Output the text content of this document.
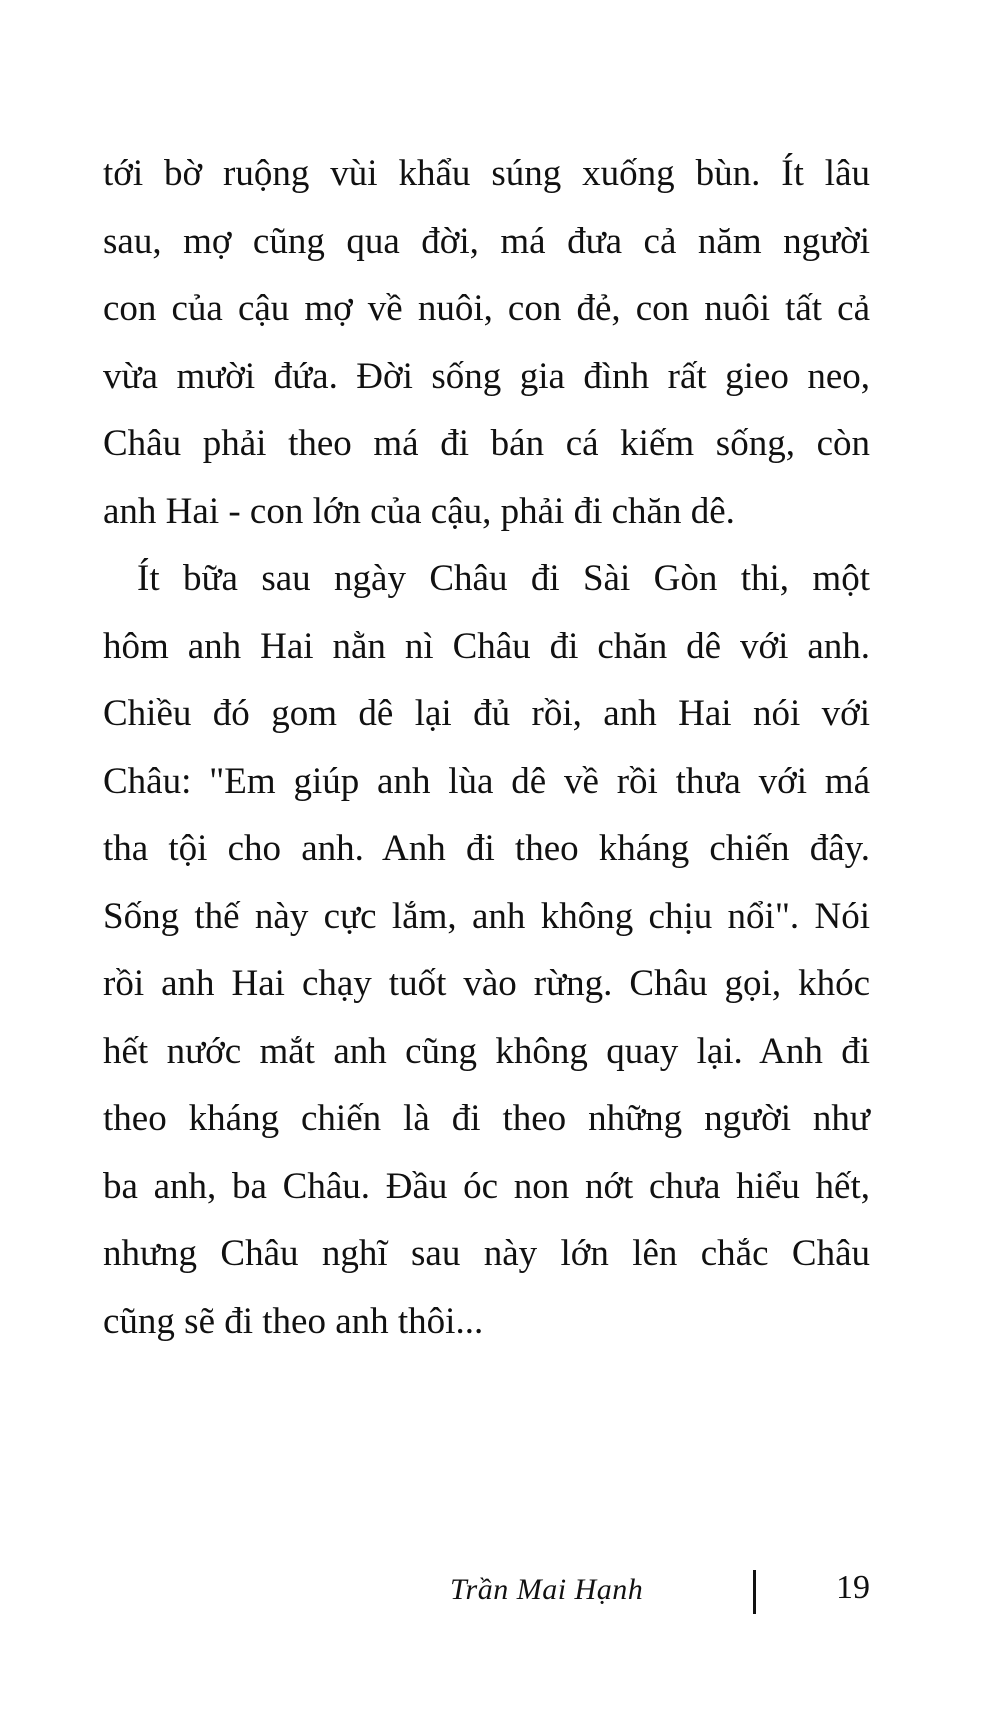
tới bờ ruộng vùi khẩu súng xuống bùn. Ít lâu
sau, mợ cũng qua đời, má đưa cả năm người
con của cậu mợ về nuôi, con đẻ, con nuôi tất cả
vừa mười đứa. Đời sống gia đình rất gieo neo,
Châu phải theo má đi bán cá kiếm sống, còn
anh Hai - con lớn của cậu, phải đi chăn dê.
Ít bữa sau ngày Châu đi Sài Gòn thi, một
hôm anh Hai nằn nì Châu đi chăn dê với anh.
Chiều đó gom dê lại đủ rồi, anh Hai nói với
Châu: "Em giúp anh lùa dê về rồi thưa với má
tha tội cho anh. Anh đi theo kháng chiến đây.
Sống thế này cực lắm, anh không chịu nổi". Nói
rồi anh Hai chạy tuốt vào rừng. Châu gọi, khóc
hết nước mắt anh cũng không quay lại. Anh đi
theo kháng chiến là đi theo những người như
ba anh, ba Châu. Đầu óc non nớt chưa hiểu hết,
nhưng Châu nghĩ sau này lớn lên chắc Châu
cũng sẽ đi theo anh thôi...
Trần Mai Hạnh	19
